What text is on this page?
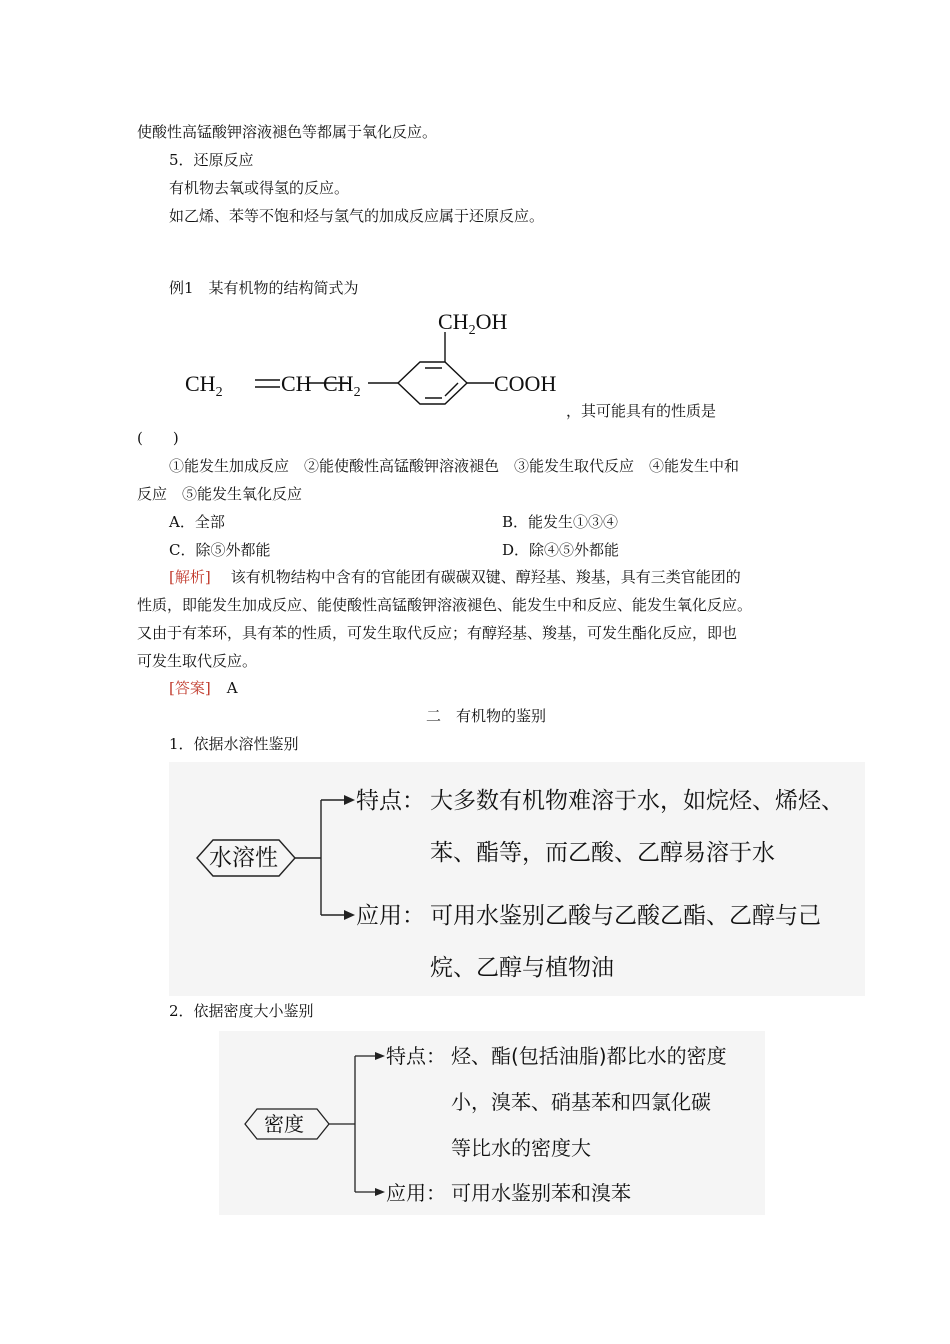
使酸性高锰酸钾溶液褪色等都属于氧化反应。
5．还原反应
有机物去氧或得氢的反应。
如乙烯、苯等不饱和烃与氢气的加成反应属于还原反应。
例1　某有机物的结构简式为
$CH_2OH$
$CH_2$	CH $CH_2$	COOH
，其可能具有的性质是
(　　)
①能发生加成反应　②能使酸性高锰酸钾溶液褪色　③能发生取代反应　④能发生中和
反应　⑤能发生氧化反应
A．全部	B．能发生①③④
C．除⑤外都能	D．除④⑤外都能
[解析] 该有机物结构中含有的官能团有碳碳双键、醇羟基、羧基，具有三类官能团的
性质，即能发生加成反应、能使酸性高锰酸钾溶液褪色、能发生中和反应、能发生氧化反应。
又由于有苯环，具有苯的性质，可发生取代反应；有醇羟基、羧基，可发生酯化反应，即也
可发生取代反应。
[答案] A
二　有机物的鉴别
1．依据水溶性鉴别
水溶性
特点： 大多数有机物难溶于水，如烷烃、烯烃、
苯、酯等，而乙酸、乙醇易溶于水
应用： 可用水鉴别乙酸与乙酸乙酯、乙醇与己
烷、乙醇与植物油
2．依据密度大小鉴别
密度
特点： 烃、酯(包括油脂)都比水的密度
小，溴苯、硝基苯和四氯化碳
等比水的密度大
应用： 可用水鉴别苯和溴苯
